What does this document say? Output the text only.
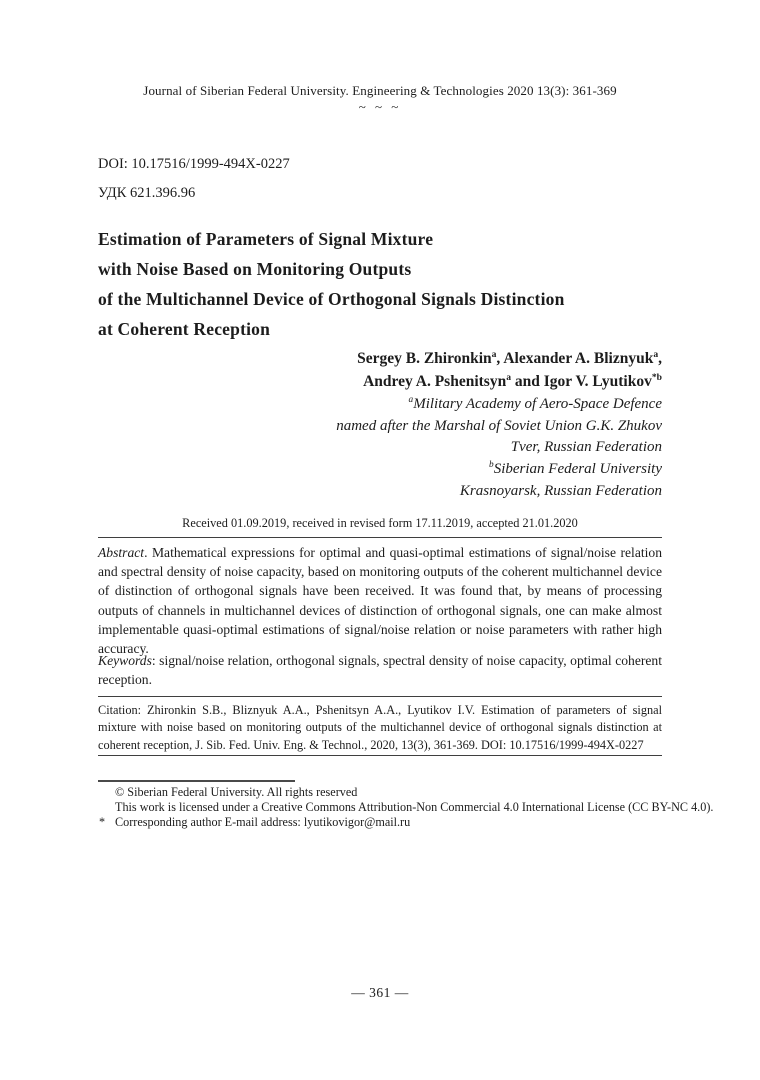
Journal of Siberian Federal University. Engineering & Technologies 2020 13(3): 361-369
~ ~ ~
DOI: 10.17516/1999-494X-0227
УДК 621.396.96
Estimation of Parameters of Signal Mixture
with Noise Based on Monitoring Outputs
of the Multichannel Device of Orthogonal Signals Distinction
at Coherent Reception
Sergey B. Zhironkin$^a$, Alexander A. Bliznyuk$^a$,
Andrey A. Pshenitsyn$^a$ and Igor V. Lyutikov$^{*b}$
$^a$Military Academy of Aero-Space Defence
named after the Marshal of Soviet Union G.K. Zhukov
Tver, Russian Federation
$^b$Siberian Federal University
Krasnoyarsk, Russian Federation
Received 01.09.2019, received in revised form 17.11.2019, accepted 21.01.2020
Abstract. Mathematical expressions for optimal and quasi-optimal estimations of signal/noise relation and spectral density of noise capacity, based on monitoring outputs of the coherent multichannel device of distinction of orthogonal signals have been received. It was found that, by means of processing outputs of channels in multichannel devices of distinction of orthogonal signals, one can make almost implementable quasi-optimal estimations of signal/noise relation or noise parameters with rather high accuracy.
Keywords: signal/noise relation, orthogonal signals, spectral density of noise capacity, optimal coherent reception.
Citation: Zhironkin S.B., Bliznyuk A.A., Pshenitsyn A.A., Lyutikov I.V. Estimation of parameters of signal mixture with noise based on monitoring outputs of the multichannel device of orthogonal signals distinction at coherent reception, J. Sib. Fed. Univ. Eng. & Technol., 2020, 13(3), 361-369. DOI: 10.17516/1999-494X-0227
© Siberian Federal University. All rights reserved
This work is licensed under a Creative Commons Attribution-Non Commercial 4.0 International License (CC BY-NC 4.0).
* Corresponding author E-mail address: lyutikovigor@mail.ru
— 361 —
